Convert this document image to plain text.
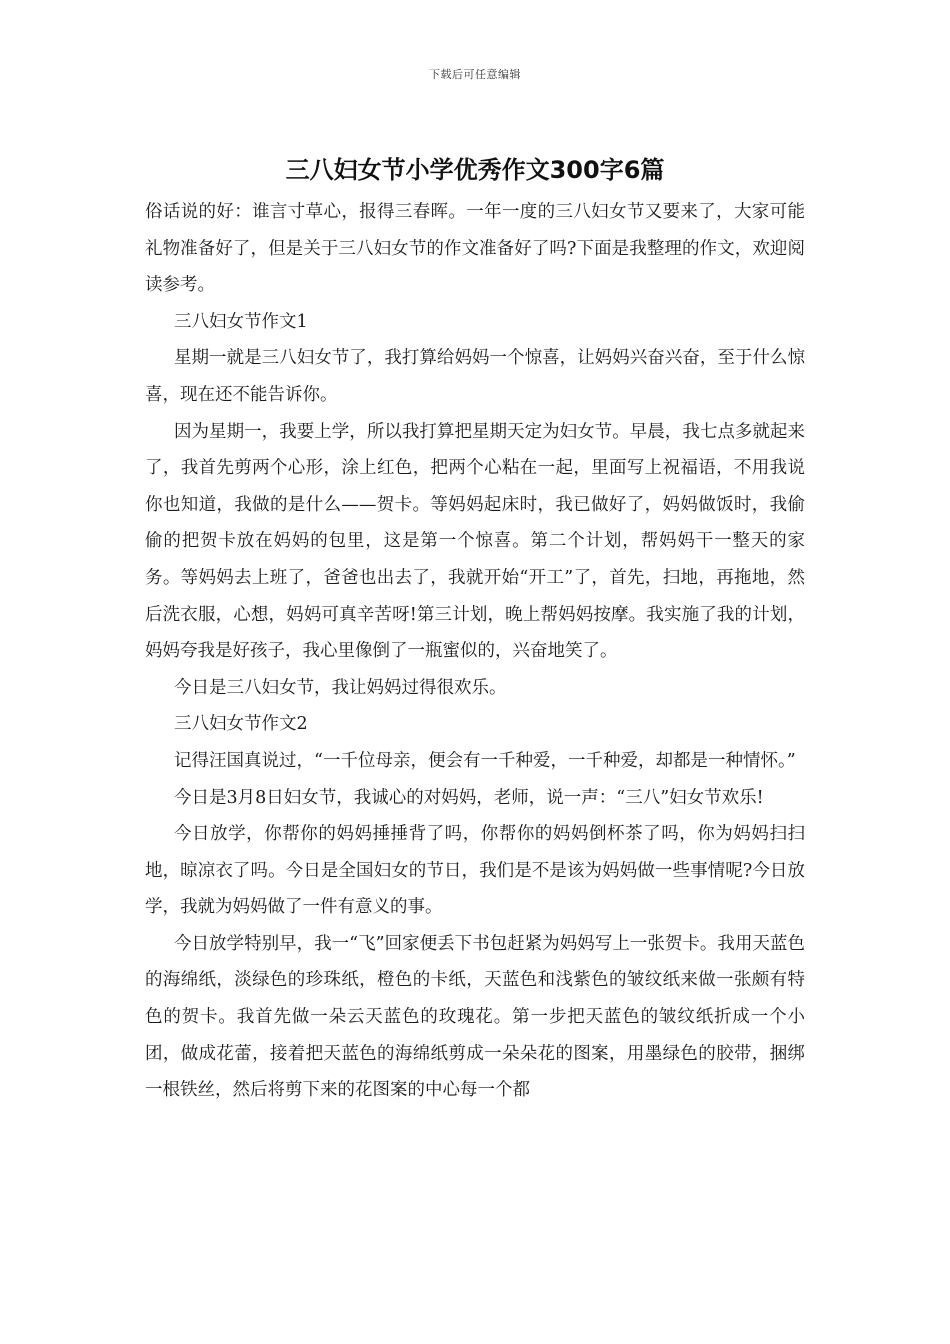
下载后可任意编辑
三八妇女节小学优秀作文300字6篇

俗话说的好：谁言寸草心，报得三春晖。一年一度的三八妇女节又要来了，大家可能礼物准备好了，但是关于三八妇女节的作文准备好了吗?下面是我整理的作文，欢迎阅读参考。

三八妇女节作文1

星期一就是三八妇女节了，我打算给妈妈一个惊喜，让妈妈兴奋兴奋，至于什么惊喜，现在还不能告诉你。

因为星期一，我要上学，所以我打算把星期天定为妇女节。早晨，我七点多就起来了，我首先剪两个心形，涂上红色，把两个心粘在一起，里面写上祝福语，不用我说你也知道，我做的是什么——贺卡。等妈妈起床时，我已做好了，妈妈做饭时，我偷偷的把贺卡放在妈妈的包里，这是第一个惊喜。第二个计划，帮妈妈干一整天的家务。等妈妈去上班了，爸爸也出去了，我就开始“开工”了，首先，扫地，再拖地，然后洗衣服，心想，妈妈可真辛苦呀!第三计划，晚上帮妈妈按摩。我实施了我的计划，妈妈夸我是好孩子，我心里像倒了一瓶蜜似的，兴奋地笑了。

今日是三八妇女节，我让妈妈过得很欢乐。

三八妇女节作文2

记得汪国真说过，“一千位母亲，便会有一千种爱，一千种爱，却都是一种情怀。”

今日是3月8日妇女节，我诚心的对妈妈，老师，说一声：“三八”妇女节欢乐!

今日放学，你帮你的妈妈捶捶背了吗，你帮你的妈妈倒杯茶了吗，你为妈妈扫扫地，晾凉衣了吗。今日是全国妇女的节日，我们是不是该为妈妈做一些事情呢?今日放学，我就为妈妈做了一件有意义的事。

今日放学特别早，我一“飞”回家便丢下书包赶紧为妈妈写上一张贺卡。我用天蓝色的海绵纸，淡绿色的珍珠纸，橙色的卡纸，天蓝色和浅紫色的皱纹纸来做一张颇有特色的贺卡。我首先做一朵云天蓝色的玫瑰花。第一步把天蓝色的皱纹纸折成一个小团，做成花蕾，接着把天蓝色的海绵纸剪成一朵朵花的图案，用墨绿色的胶带，捆绑一根铁丝，然后将剪下来的花图案的中心每一个都
